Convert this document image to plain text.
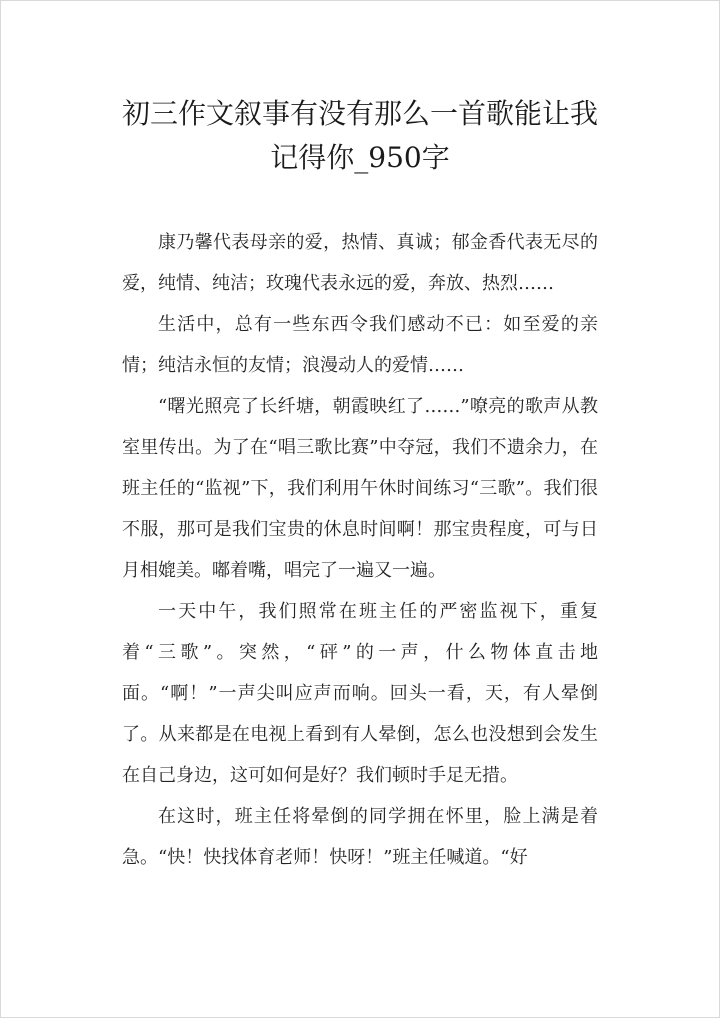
初三作文叙事有没有那么一首歌能让我记得你_950字

康乃馨代表母亲的爱，热情、真诚；郁金香代表无尽的爱，纯情、纯洁；玫瑰代表永远的爱，奔放、热烈……

生活中，总有一些东西令我们感动不已：如至爱的亲情；纯洁永恒的友情；浪漫动人的爱情……

“曙光照亮了长纤塘，朝霞映红了……”嘹亮的歌声从教室里传出。为了在“唱三歌比赛”中夺冠，我们不遗余力，在班主任的“监视”下，我们利用午休时间练习“三歌”。我们很不服，那可是我们宝贵的休息时间啊！那宝贵程度，可与日月相媲美。嘟着嘴，唱完了一遍又一遍。

一天中午，我们照常在班主任的严密监视下，重复着“三歌”。突然，“砰”的一声，什么物体直击地面。“啊！”一声尖叫应声而响。回头一看，天，有人晕倒了。从来都是在电视上看到有人晕倒，怎么也没想到会发生在自己身边，这可如何是好？我们顿时手足无措。

在这时，班主任将晕倒的同学拥在怀里，脸上满是着急。“快！快找体育老师！快呀！”班主任喊道。“好
